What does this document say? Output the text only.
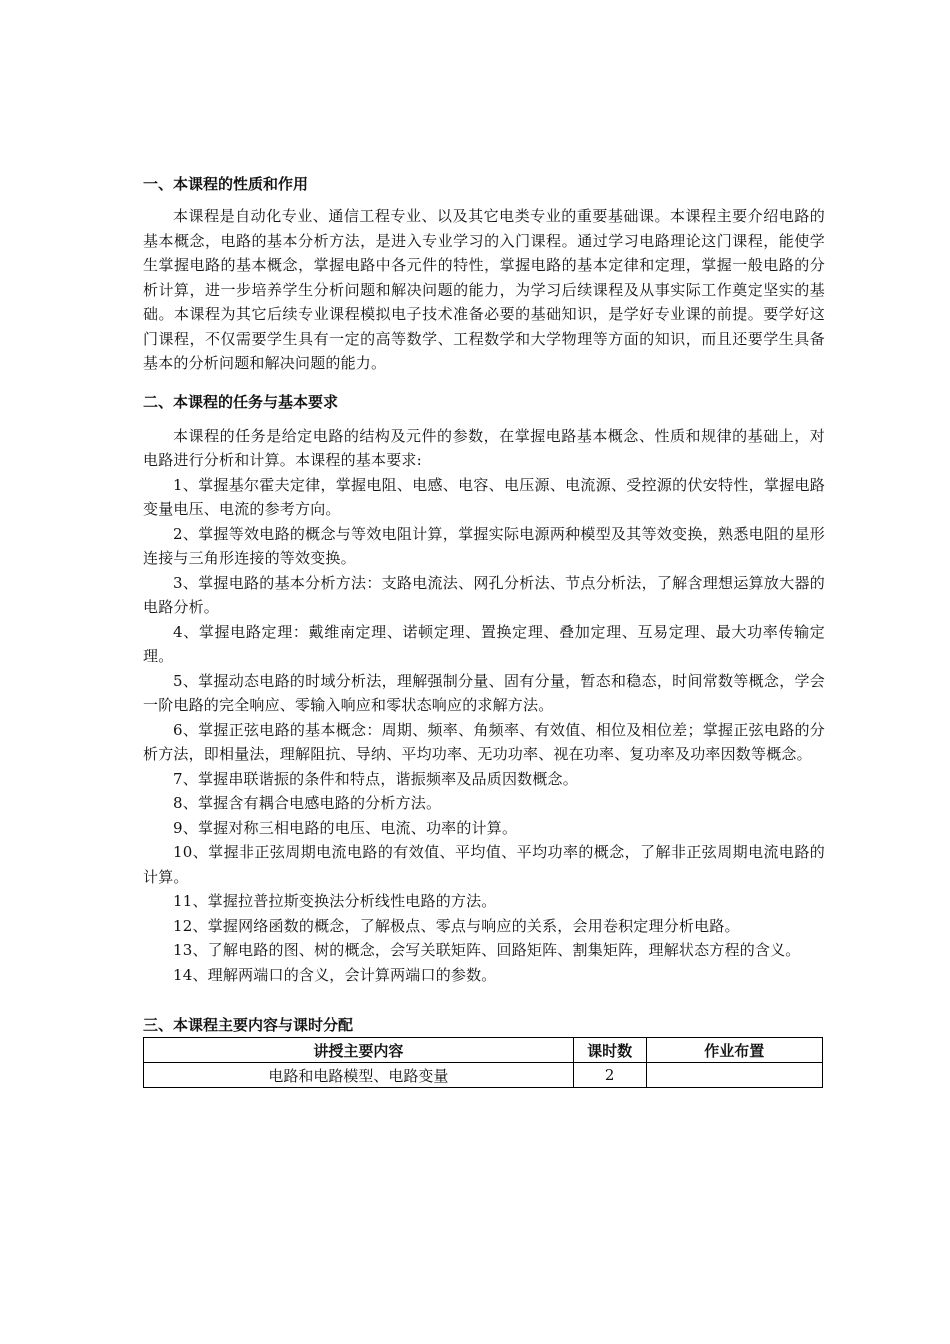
一、本课程的性质和作用

本课程是自动化专业、通信工程专业、以及其它电类专业的重要基础课。本课程主要介绍电路的基本概念，电路的基本分析方法，是进入专业学习的入门课程。通过学习电路理论这门课程，能使学生掌握电路的基本概念，掌握电路中各元件的特性，掌握电路的基本定律和定理，掌握一般电路的分析计算，进一步培养学生分析问题和解决问题的能力，为学习后续课程及从事实际工作奠定坚实的基础。本课程为其它后续专业课程模拟电子技术准备必要的基础知识，是学好专业课的前提。要学好这门课程，不仅需要学生具有一定的高等数学、工程数学和大学物理等方面的知识，而且还要学生具备基本的分析问题和解决问题的能力。

二、本课程的任务与基本要求

本课程的任务是给定电路的结构及元件的参数，在掌握电路基本概念、性质和规律的基础上，对电路进行分析和计算。本课程的基本要求:

1、掌握基尔霍夫定律，掌握电阻、电感、电容、电压源、电流源、受控源的伏安特性，掌握电路变量电压、电流的参考方向。

2、掌握等效电路的概念与等效电阻计算，掌握实际电源两种模型及其等效变换，熟悉电阻的星形连接与三角形连接的等效变换。

3、掌握电路的基本分析方法：支路电流法、网孔分析法、节点分析法，了解含理想运算放大器的电路分析。

4、掌握电路定理：戴维南定理、诺顿定理、置换定理、叠加定理、互易定理、最大功率传输定理。

5、掌握动态电路的时域分析法，理解强制分量、固有分量，暂态和稳态，时间常数等概念，学会一阶电路的完全响应、零输入响应和零状态响应的求解方法。

6、掌握正弦电路的基本概念：周期、频率、角频率、有效值、相位及相位差；掌握正弦电路的分析方法，即相量法，理解阻抗、导纳、平均功率、无功功率、视在功率、复功率及功率因数等概念。

7、掌握串联谐振的条件和特点，谐振频率及品质因数概念。

8、掌握含有耦合电感电路的分析方法。

9、掌握对称三相电路的电压、电流、功率的计算。

10、掌握非正弦周期电流电路的有效值、平均值、平均功率的概念，了解非正弦周期电流电路的计算。

11、掌握拉普拉斯变换法分析线性电路的方法。

12、掌握网络函数的概念，了解极点、零点与响应的关系，会用卷积定理分析电路。

13、了解电路的图、树的概念，会写关联矩阵、回路矩阵、割集矩阵，理解状态方程的含义。

14、理解两端口的含义，会计算两端口的参数。

三、本课程主要内容与课时分配

讲授主要内容	课时数	作业布置
电路和电路模型、电路变量	2	
